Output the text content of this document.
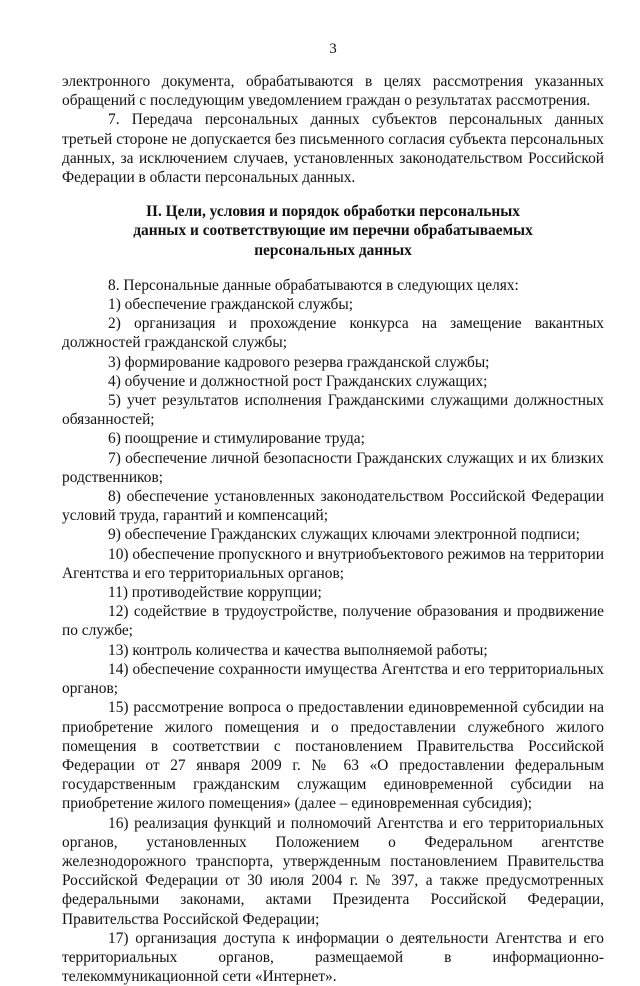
3

электронного документа, обрабатываются в целях рассмотрения указанных обращений с последующим уведомлением граждан о результатах рассмотрения.

7. Передача персональных данных субъектов персональных данных третьей стороне не допускается без письменного согласия субъекта персональных данных, за исключением случаев, установленных законодательством Российской Федерации в области персональных данных.

II. Цели, условия и порядок обработки персональных
данных и соответствующие им перечни обрабатываемых
персональных данных

8. Персональные данные обрабатываются в следующих целях:

1) обеспечение гражданской службы;

2) организация и прохождение конкурса на замещение вакантных должностей гражданской службы;

3) формирование кадрового резерва гражданской службы;

4) обучение и должностной рост Гражданских служащих;

5) учет результатов исполнения Гражданскими служащими должностных обязанностей;

6) поощрение и стимулирование труда;

7) обеспечение личной безопасности Гражданских служащих и их близких родственников;

8) обеспечение установленных законодательством Российской Федерации условий труда, гарантий и компенсаций;

9) обеспечение Гражданских служащих ключами электронной подписи;

10) обеспечение пропускного и внутриобъектового режимов на территории Агентства и его территориальных органов;

11) противодействие коррупции;

12) содействие в трудоустройстве, получение образования и продвижение по службе;

13) контроль количества и качества выполняемой работы;

14) обеспечение сохранности имущества Агентства и его территориальных органов;

15) рассмотрение вопроса о предоставлении единовременной субсидии на приобретение жилого помещения и о предоставлении служебного жилого помещения в соответствии с постановлением Правительства Российской Федерации от 27 января 2009 г. № 63 «О предоставлении федеральным государственным гражданским служащим единовременной субсидии на приобретение жилого помещения» (далее – единовременная субсидия);

16) реализация функций и полномочий Агентства и его территориальных органов, установленных Положением о Федеральном агентстве железнодорожного транспорта, утвержденным постановлением Правительства Российской Федерации от 30 июля 2004 г. № 397, а также предусмотренных федеральными законами, актами Президента Российской Федерации, Правительства Российской Федерации;

17) организация доступа к информации о деятельности Агентства и его территориальных органов, размещаемой в информационно-телекоммуникационной сети «Интернет».
